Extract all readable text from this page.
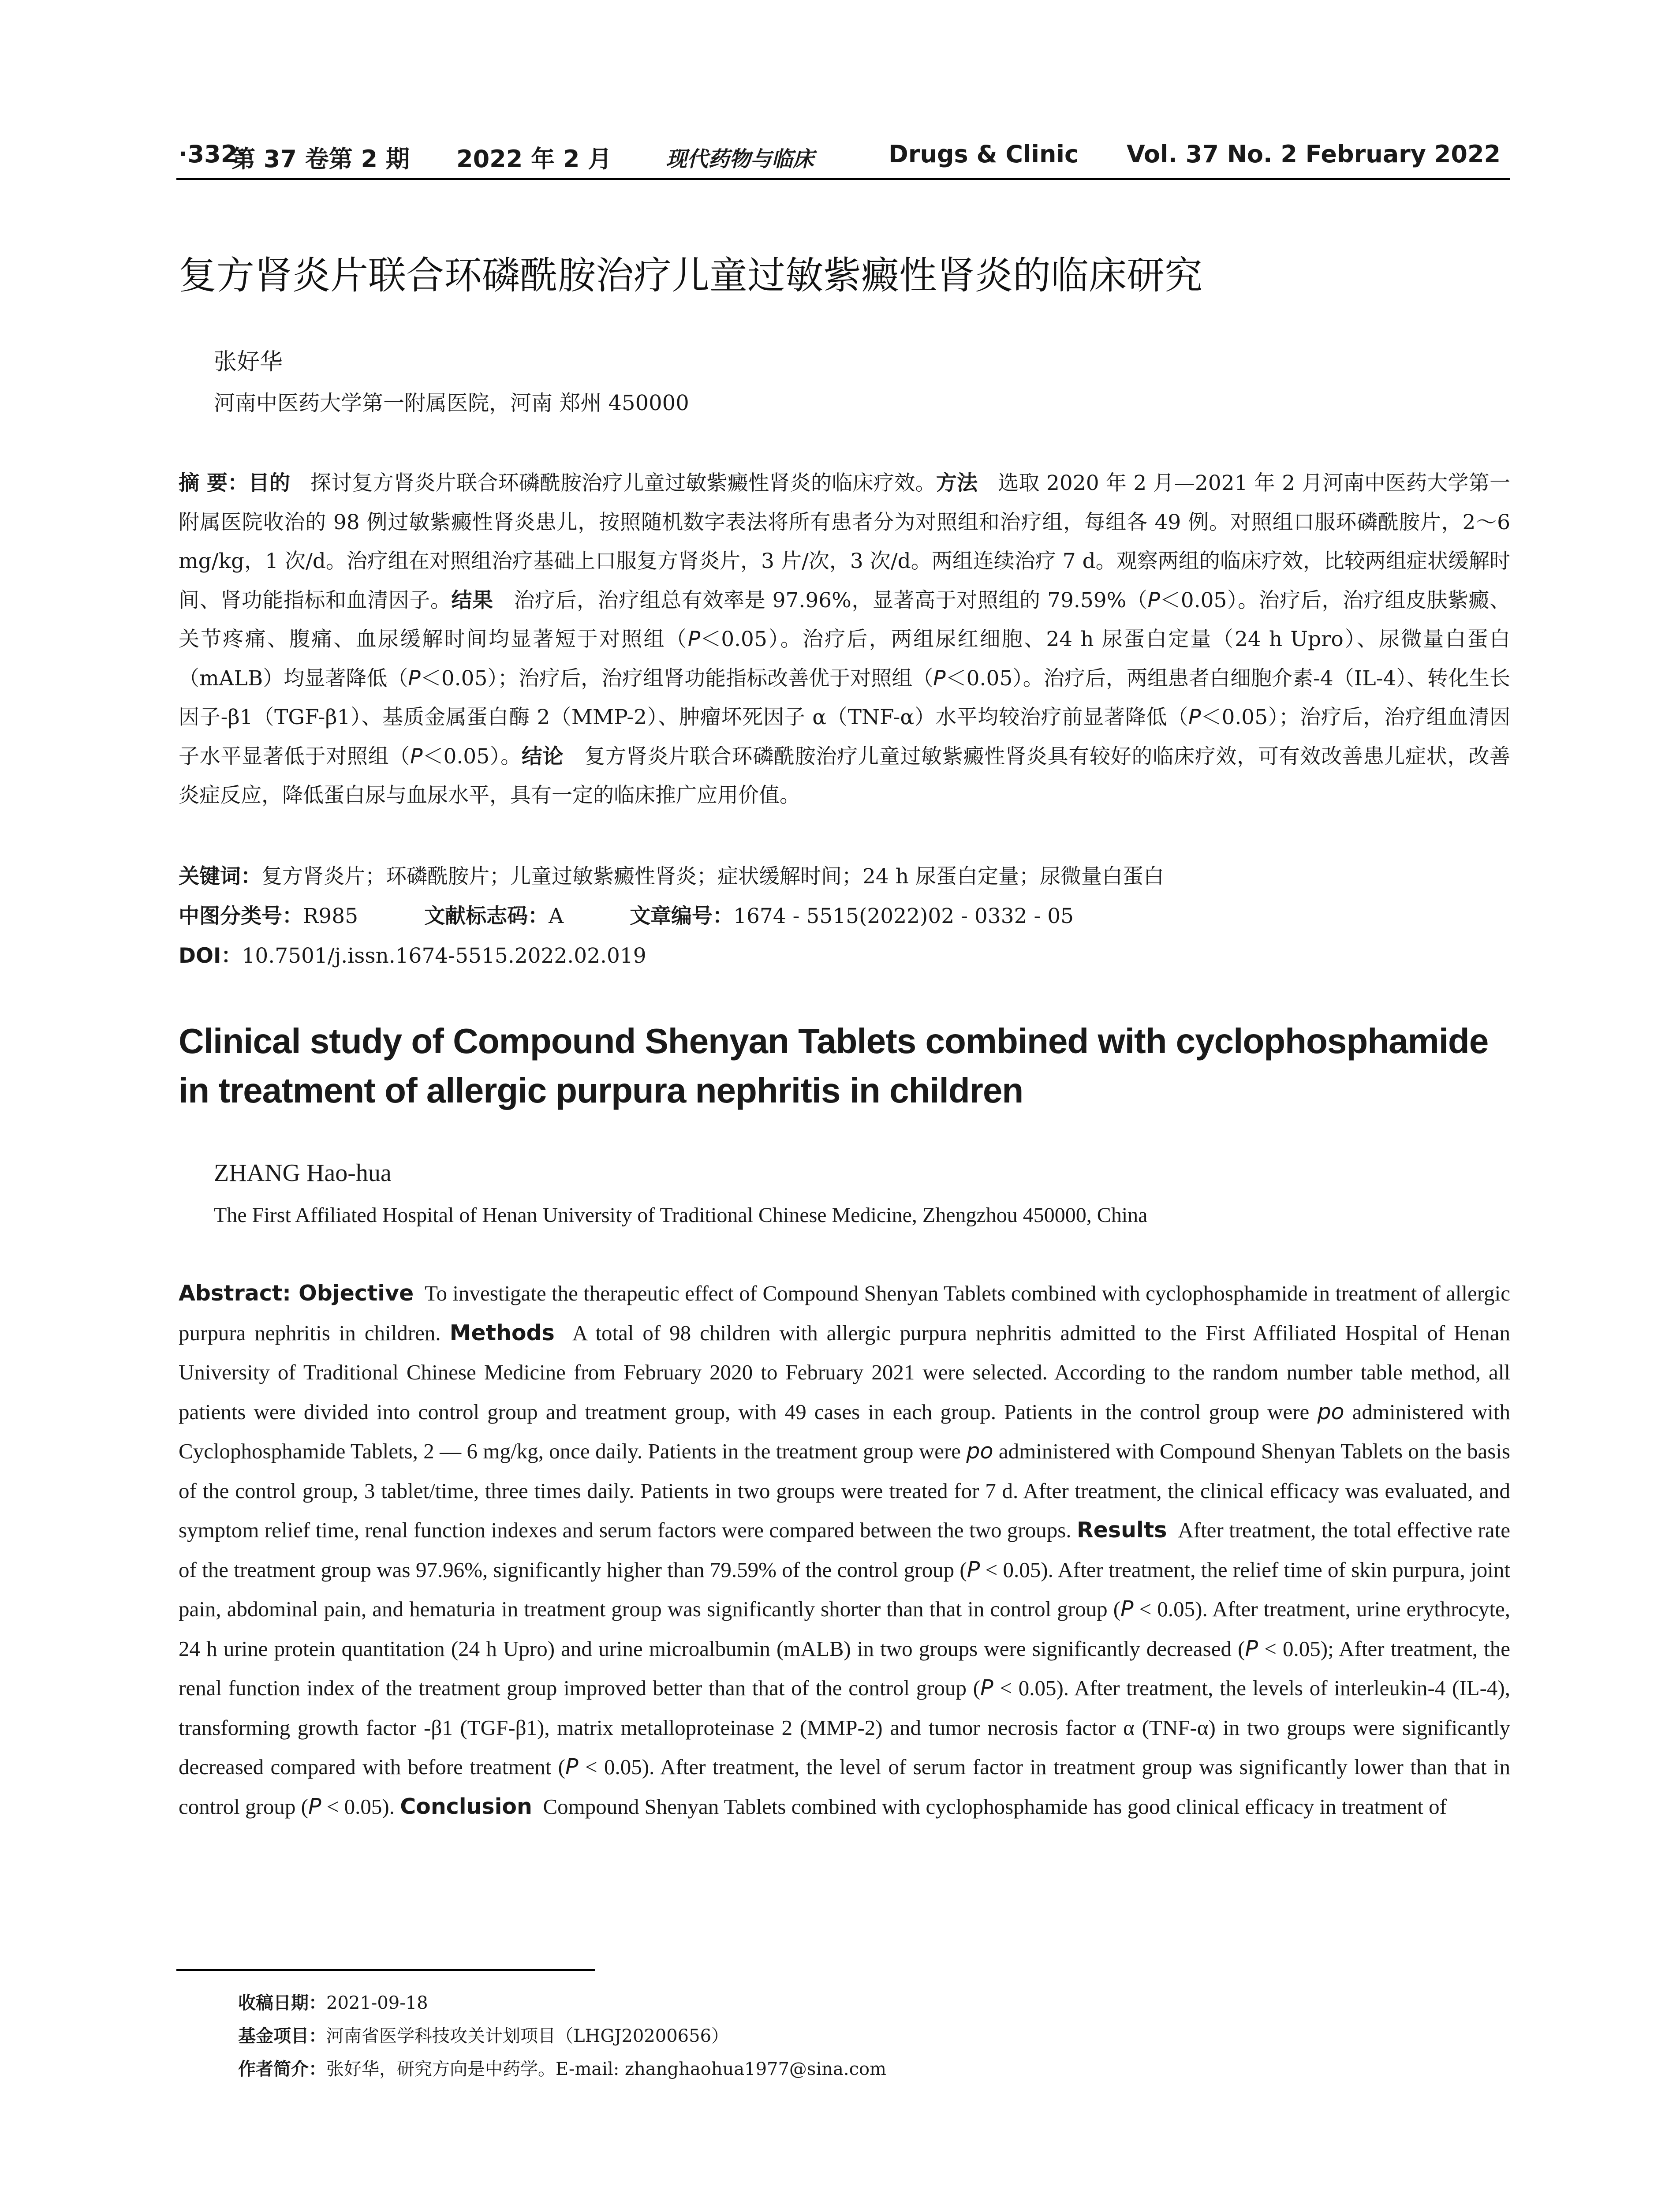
·332·
第 37 卷第 2 期 2022 年 2 月	现代药物与临床	Drugs & Clinic Vol. 37 No. 2 February 2022
复方肾炎片联合环磷酰胺治疗儿童过敏紫癜性肾炎的临床研究
张好华
河南中医药大学第一附属医院，河南 郑州 450000
摘 要：目的 探讨复方肾炎片联合环磷酰胺治疗儿童过敏紫癜性肾炎的临床疗效。方法 选取 2020 年 2 月—2021 年 2 月河南中医药大学第一附属医院收治的 98 例过敏紫癜性肾炎患儿，按照随机数字表法将所有患者分为对照组和治疗组，每组各 49 例。对照组口服环磷酰胺片，2～6 mg/kg，1 次/d。治疗组在对照组治疗基础上口服复方肾炎片，3 片/次，3 次/d。两组连续治疗 7 d。观察两组的临床疗效，比较两组症状缓解时间、肾功能指标和血清因子。结果 治疗后，治疗组总有效率是 97.96%，显著高于对照组的 79.59%（P＜0.05）。治疗后，治疗组皮肤紫癜、关节疼痛、腹痛、血尿缓解时间均显著短于对照组（P＜0.05）。治疗后，两组尿红细胞、24 h 尿蛋白定量（24 h Upro）、尿微量白蛋白（mALB）均显著降低（P＜0.05）；治疗后，治疗组肾功能指标改善优于对照组（P＜0.05）。治疗后，两组患者白细胞介素-4（IL-4）、转化生长因子-β1（TGF-β1）、基质金属蛋白酶 2（MMP-2）、肿瘤坏死因子 α（TNF-α）水平均较治疗前显著降低（P＜0.05）；治疗后，治疗组血清因子水平显著低于对照组（P＜0.05）。结论 复方肾炎片联合环磷酰胺治疗儿童过敏紫癜性肾炎具有较好的临床疗效，可有效改善患儿症状，改善炎症反应，降低蛋白尿与血尿水平，具有一定的临床推广应用价值。
关键词：复方肾炎片；环磷酰胺片；儿童过敏紫癜性肾炎；症状缓解时间；24 h 尿蛋白定量；尿微量白蛋白
中图分类号：R985	文献标志码：A	文章编号：1674 - 5515(2022)02 - 0332 - 05
DOI：10.7501/j.issn.1674-5515.2022.02.019
Clinical study of Compound Shenyan Tablets combined with cyclophosphamide
in treatment of allergic purpura nephritis in children
ZHANG Hao-hua
The First Affiliated Hospital of Henan University of Traditional Chinese Medicine, Zhengzhou 450000, China
Abstract: Objective To investigate the therapeutic effect of Compound Shenyan Tablets combined with cyclophosphamide in treatment of allergic purpura nephritis in children. Methods A total of 98 children with allergic purpura nephritis admitted to the First Affiliated Hospital of Henan University of Traditional Chinese Medicine from February 2020 to February 2021 were selected. According to the random number table method, all patients were divided into control group and treatment group, with 49 cases in each group. Patients in the control group were po administered with Cyclophosphamide Tablets, 2 — 6 mg/kg, once daily. Patients in the treatment group were po administered with Compound Shenyan Tablets on the basis of the control group, 3 tablet/time, three times daily. Patients in two groups were treated for 7 d. After treatment, the clinical efficacy was evaluated, and symptom relief time, renal function indexes and serum factors were compared between the two groups. Results After treatment, the total effective rate of the treatment group was 97.96%, significantly higher than 79.59% of the control group (P < 0.05). After treatment, the relief time of skin purpura, joint pain, abdominal pain, and hematuria in treatment group was significantly shorter than that in control group (P < 0.05). After treatment, urine erythrocyte, 24 h urine protein quantitation (24 h Upro) and urine microalbumin (mALB) in two groups were significantly decreased (P < 0.05); After treatment, the renal function index of the treatment group improved better than that of the control group (P < 0.05). After treatment, the levels of interleukin-4 (IL-4), transforming growth factor -β1 (TGF-β1), matrix metalloproteinase 2 (MMP-2) and tumor necrosis factor α (TNF-α) in two groups were significantly decreased compared with before treatment (P < 0.05). After treatment, the level of serum factor in treatment group was significantly lower than that in control group (P < 0.05). Conclusion Compound Shenyan Tablets combined with cyclophosphamide has good clinical efficacy in treatment of
收稿日期：2021-09-18
基金项目：河南省医学科技攻关计划项目（LHGJ20200656）
作者简介：张好华，研究方向是中药学。E-mail: zhanghaohua1977@sina.com
